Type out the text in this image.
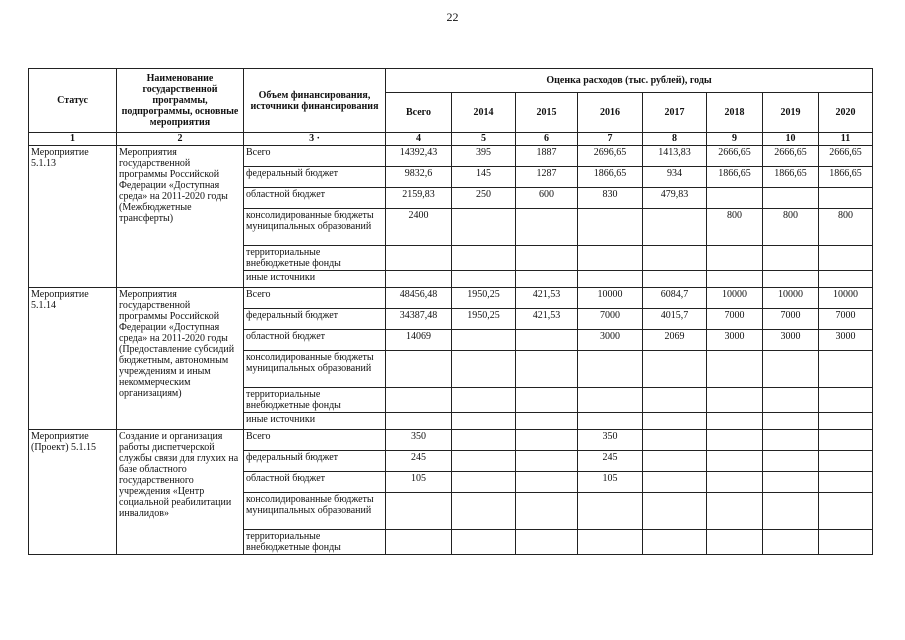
22
Статус	Наименование государственной программы, подпрограммы, основные мероприятия	Объем финансирования, источники финансирования	Оценка расходов (тыс. рублей), годы							
			Всего	2014	2015	2016	2017	2018	2019	2020
1	2	3 ·	4	5	6	7	8	9	10	11
Мероприятие 5.1.13	Мероприятия государственной программы Российской Федерации «Доступная среда» на 2011-2020 годы (Межбюджетные трансферты)	Всего	14392,43	395	1887	2696,65	1413,83	2666,65	2666,65	2666,65
		федеральный бюджет	9832,6	145	1287	1866,65	934	1866,65	1866,65	1866,65
		областной бюджет	2159,83	250	600	830	479,83			
		консолидированные бюджеты муниципальных образований	2400					800	800	800
		территориальные внебюджетные фонды								
		иные источники								
Мероприятие 5.1.14	Мероприятия государственной программы Российской Федерации «Доступная среда» на 2011-2020 годы (Предоставление субсидий бюджетным, автономным учреждениям и иным некоммерческим организациям)	Всего	48456,48	1950,25	421,53	10000	6084,7	10000	10000	10000
		федеральный бюджет	34387,48	1950,25	421,53	7000	4015,7	7000	7000	7000
		областной бюджет	14069			3000	2069	3000	3000	3000
		консолидированные бюджеты муниципальных образований								
		территориальные внебюджетные фонды								
		иные источники								
Мероприятие (Проект) 5.1.15	Создание и организация работы диспетчерской службы связи для глухих на базе областного государственного учреждения «Центр социальной реабилитации инвалидов»	Всего	350			350				
		федеральный бюджет	245			245				
		областной бюджет	105			105				
		консолидированные бюджеты муниципальных образований								
		территориальные внебюджетные фонды								
